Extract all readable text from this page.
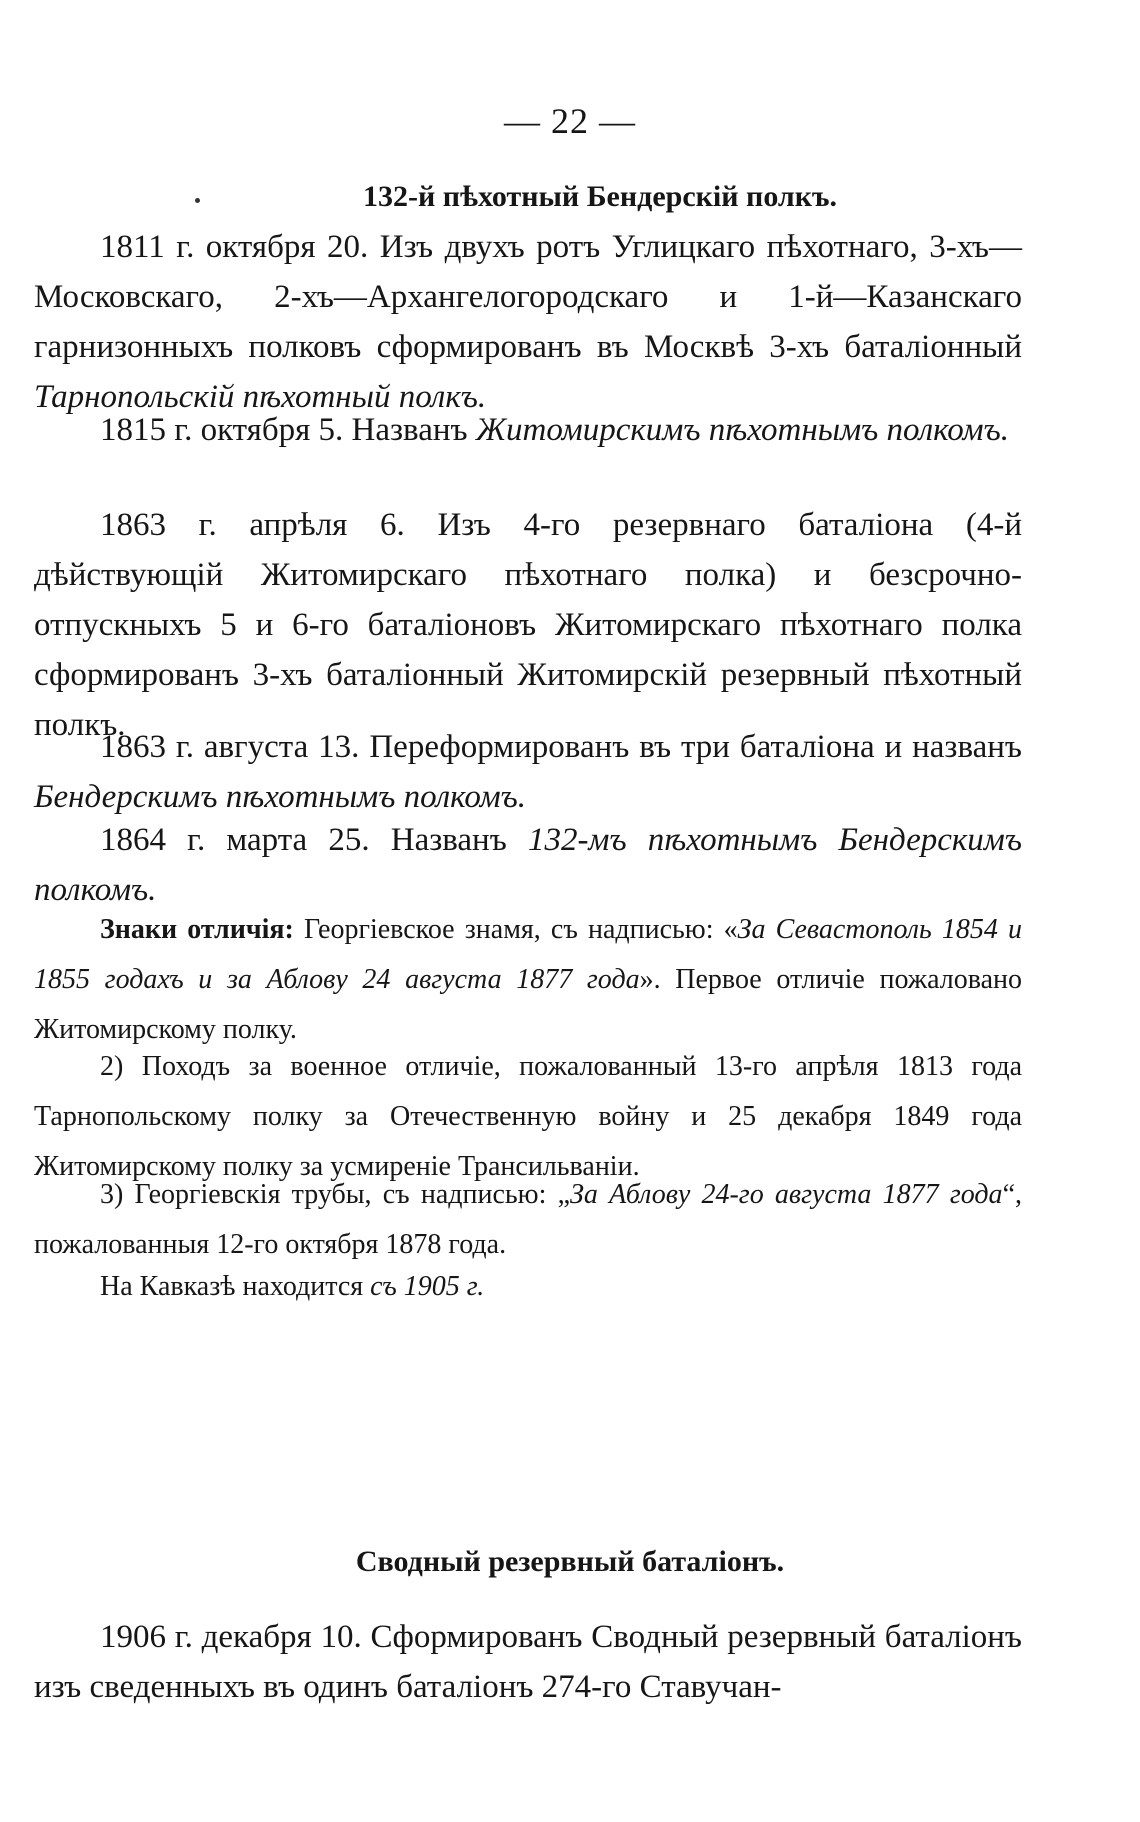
— 22 —
132-й пѣхотный Бендерскій полкъ.

1811 г. октября 20. Изъ двухъ ротъ Углицкаго пѣхотнаго, 3-хъ—Московскаго, 2-хъ—Архангелогородскаго и 1-й—Казанскаго гарнизонныхъ полковъ сформированъ въ Москвѣ 3-хъ баталіонный Тарнопольскій пѣхотный полкъ.

1815 г. октября 5. Названъ Житомирскимъ пѣхотнымъ полкомъ.

1863 г. апрѣля 6. Изъ 4-го резервнаго баталіона (4-й дѣйствующій Житомирскаго пѣхотнаго полка) и безсрочно-отпускныхъ 5 и 6-го баталіоновъ Житомирскаго пѣхотнаго полка сформированъ 3-хъ баталіонный Житомирскій резервный пѣхотный полкъ.

1863 г. августа 13. Переформированъ въ три баталіона и названъ Бендерскимъ пѣхотнымъ полкомъ.

1864 г. марта 25. Названъ 132-мъ пѣхотнымъ Бендерскимъ полкомъ.

Знаки отличія: Георгіевское знамя, съ надписью: «За Севастополь 1854 и 1855 годахъ и за Аблову 24 августа 1877 года». Первое отличіе пожаловано Житомирскому полку.

2) Походъ за военное отличіе, пожалованный 13-го апрѣля 1813 года Тарнопольскому полку за Отечественную войну и 25 декабря 1849 года Житомирскому полку за усмиреніе Трансильваніи.

3) Георгіевскія трубы, съ надписью: „За Аблову 24-го августа 1877 года“, пожалованныя 12-го октября 1878 года.

На Кавказѣ находится съ 1905 г.

Сводный резервный баталіонъ.

1906 г. декабря 10. Сформированъ Сводный резервный баталіонъ изъ сведенныхъ въ одинъ баталіонъ 274-го Ставучан-
